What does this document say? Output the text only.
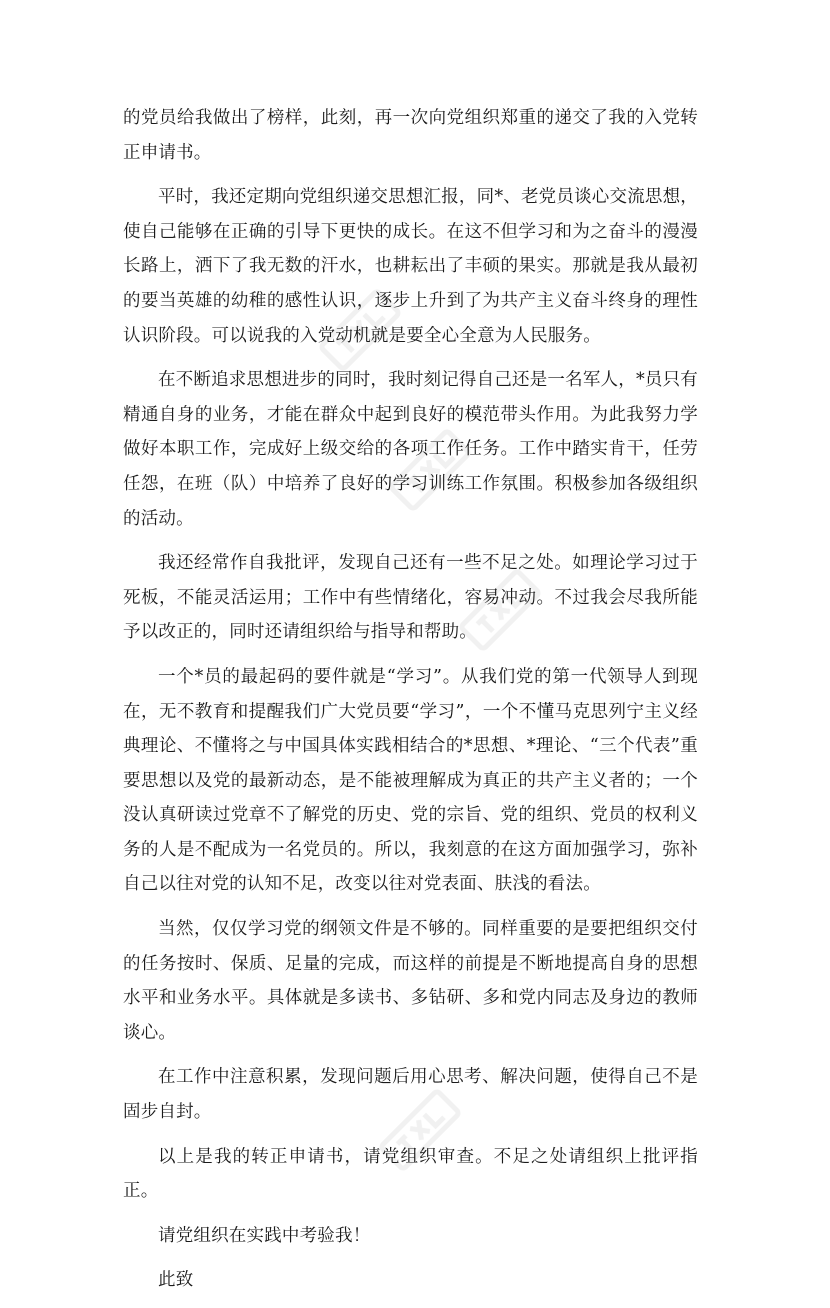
的党员给我做出了榜样，此刻，再一次向党组织郑重的递交了我的入党转正申请书。

平时，我还定期向党组织递交思想汇报，同*、老党员谈心交流思想，使自己能够在正确的引导下更快的成长。在这不但学习和为之奋斗的漫漫长路上，洒下了我无数的汗水，也耕耘出了丰硕的果实。那就是我从最初的要当英雄的幼稚的感性认识，逐步上升到了为共产主义奋斗终身的理性认识阶段。可以说我的入党动机就是要全心全意为人民服务。

在不断追求思想进步的同时，我时刻记得自己还是一名军人，*员只有精通自身的业务，才能在群众中起到良好的模范带头作用。为此我努力学做好本职工作，完成好上级交给的各项工作任务。工作中踏实肯干，任劳任怨，在班（队）中培养了良好的学习训练工作氛围。积极参加各级组织的活动。

我还经常作自我批评，发现自己还有一些不足之处。如理论学习过于死板，不能灵活运用；工作中有些情绪化，容易冲动。不过我会尽我所能予以改正的，同时还请组织给与指导和帮助。

一个*员的最起码的要件就是“学习”。从我们党的第一代领导人到现在，无不教育和提醒我们广大党员要“学习”，一个不懂马克思列宁主义经典理论、不懂将之与中国具体实践相结合的*思想、*理论、“三个代表”重要思想以及党的最新动态，是不能被理解成为真正的共产主义者的；一个没认真研读过党章不了解党的历史、党的宗旨、党的组织、党员的权利义务的人是不配成为一名党员的。所以，我刻意的在这方面加强学习，弥补自己以往对党的认知不足，改变以往对党表面、肤浅的看法。

当然，仅仅学习党的纲领文件是不够的。同样重要的是要把组织交付的任务按时、保质、足量的完成，而这样的前提是不断地提高自身的思想水平和业务水平。具体就是多读书、多钻研、多和党内同志及身边的教师谈心。

在工作中注意积累，发现问题后用心思考、解决问题，使得自己不是固步自封。

以上是我的转正申请书，请党组织审查。不足之处请组织上批评指正。

请党组织在实践中考验我！

此致
